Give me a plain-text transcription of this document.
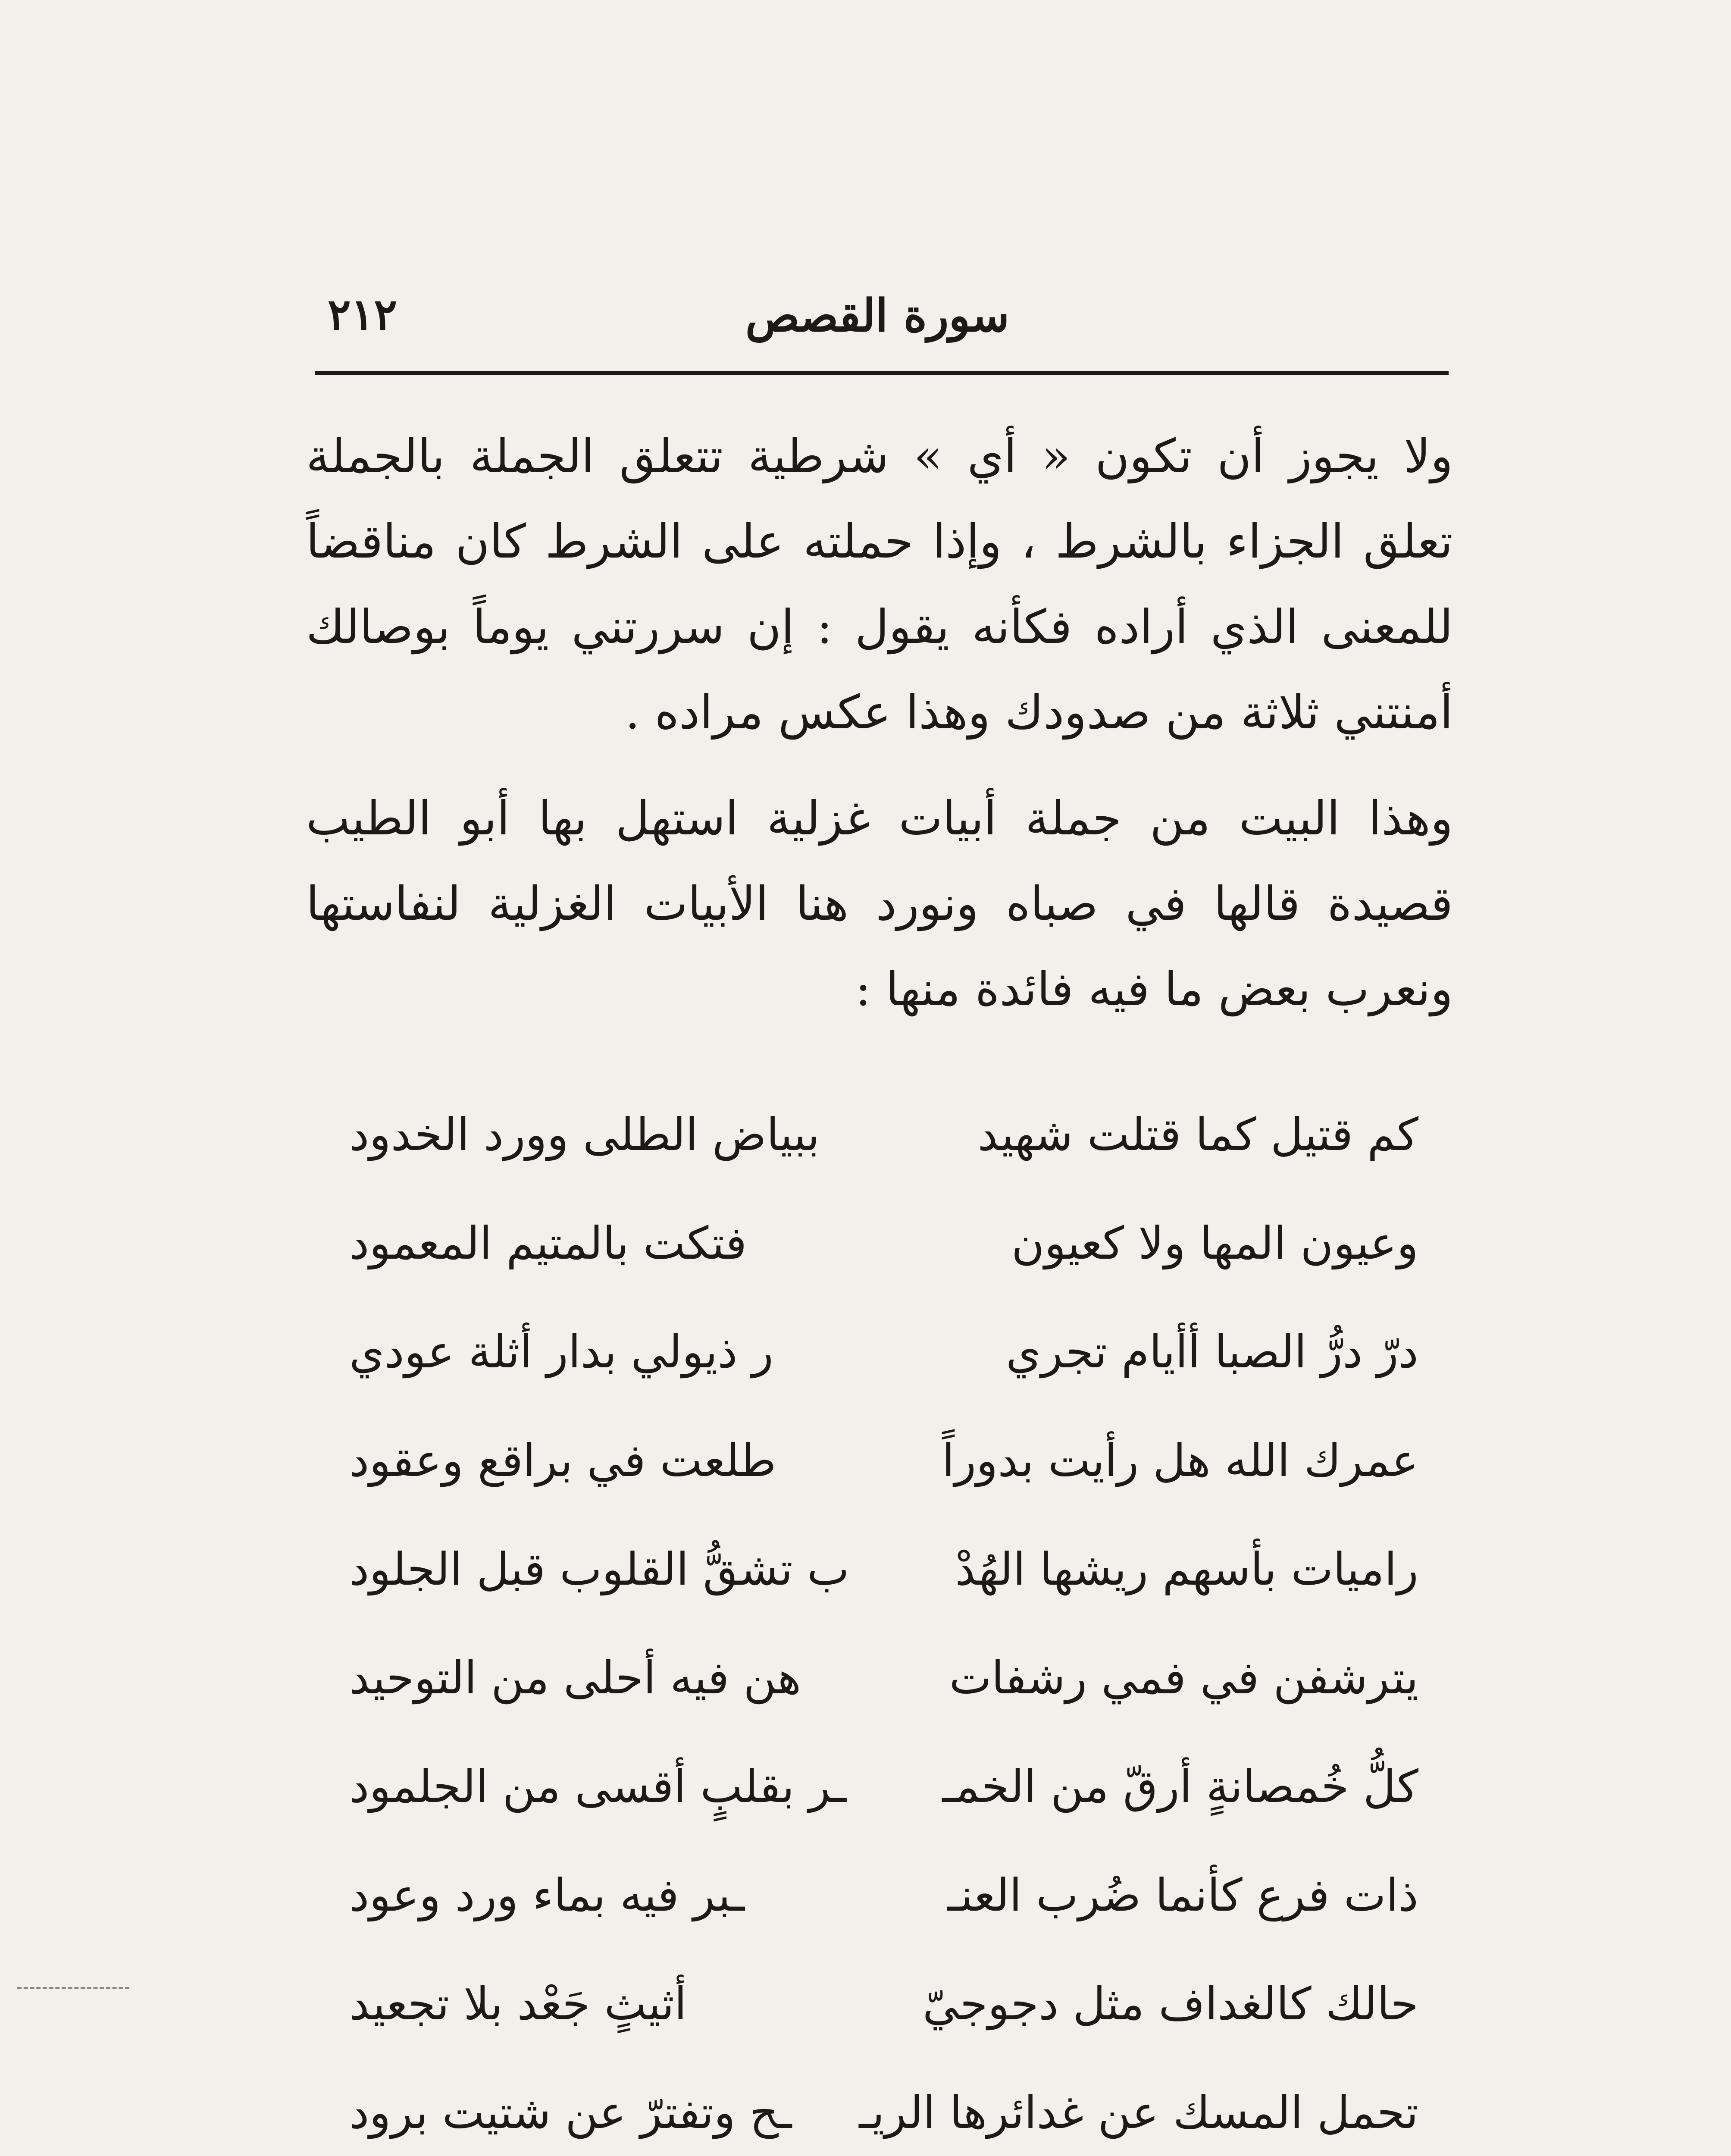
٢١٢	سورة القصص

ولا يجوز أن تكون « أي » شرطية تتعلق الجملة بالجملة تعلق الجزاء بالشرط ، وإذا حملته على الشرط كان مناقضاً للمعنى الذي أراده فكأنه يقول : إن سررتني يوماً بوصالك أمنتني ثلاثة من صدودك وهذا عكس مراده .

وهذا البيت من جملة أبيات غزلية استهل بها أبو الطيب قصيدة قالها في صباه ونورد هنا الأبيات الغزلية لنفاستها ونعرب بعض ما فيه فائدة منها :

كم قتيل كما قتلت شهيد
ببياض الطلى وورد الخدود
وعيون المها ولا كعيون
فتكت بالمتيم المعمود
درّ درُّ الصبا أأيام تجري
ر ذيولي بدار أثلة عودي
عمرك الله هل رأيت بدوراً
طلعت في براقع وعقود
راميات بأسهم ريشها الهُدْ
ب تشقُّ القلوب قبل الجلود
يترشفن في فمي رشفات
هن فيه أحلى من التوحيد
كلُّ خُمصانةٍ أرقّ من الخمـ
ـر بقلبٍ أقسى من الجلمود
ذات فرع كأنما ضُرب العنـ
ـبر فيه بماء ورد وعود
حالك كالغداف مثل دجوجيّ
أثيثٍ جَعْد بلا تجعيد
تحمل المسك عن غدائرها الريـ
ـح وتفترّ عن شتيت برود
